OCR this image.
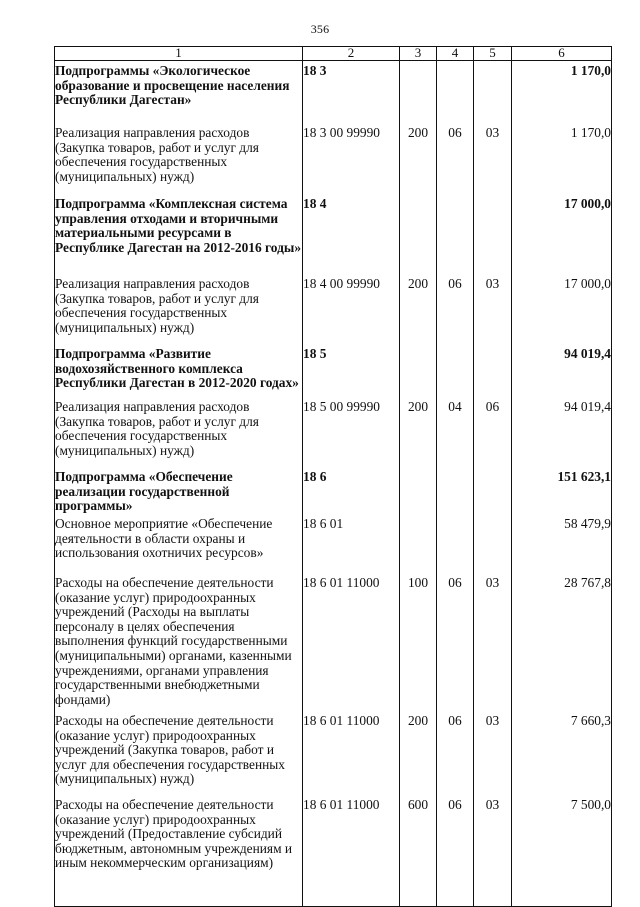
356
1	2	3	4	5	6
Подпрограммы «Экологическое образование и просвещение населения Республики Дагестан»	18 3				1 170,0
Реализация направления расходов (Закупка товаров, работ и услуг для обеспечения государственных (муниципальных) нужд)	18 3 00 99990	200	06	03	1 170,0
Подпрограмма «Комплексная система управления отходами и вторичными материальными ресурсами в Республике Дагестан на 2012-2016 годы»	18 4				17 000,0
Реализация направления расходов (Закупка товаров, работ и услуг для обеспечения государственных (муниципальных) нужд)	18 4 00 99990	200	06	03	17 000,0
Подпрограмма «Развитие водохозяйственного комплекса Республики Дагестан в 2012-2020 годах»	18 5				94 019,4
Реализация направления расходов (Закупка товаров, работ и услуг для обеспечения государственных (муниципальных) нужд)	18 5 00 99990	200	04	06	94 019,4
Подпрограмма «Обеспечение реализации государственной программы»	18 6				151 623,1
Основное мероприятие «Обеспечение деятельности в области охраны и использования охотничих ресурсов»	18 6 01				58 479,9
Расходы на обеспечение деятельности (оказание услуг) природоохранных учреждений (Расходы на выплаты персоналу в целях обеспечения выполнения функций государственными (муниципальными) органами, казенными учреждениями, органами управления государственными внебюджетными фондами)	18 6 01 11000	100	06	03	28 767,8
Расходы на обеспечение деятельности (оказание услуг) природоохранных учреждений (Закупка товаров, работ и услуг для обеспечения государственных (муниципальных) нужд)	18 6 01 11000	200	06	03	7 660,3
Расходы на обеспечение деятельности (оказание услуг) природоохранных учреждений (Предоставление субсидий бюджетным, автономным учреждениям и иным некоммерческим организациям)	18 6 01 11000	600	06	03	7 500,0
